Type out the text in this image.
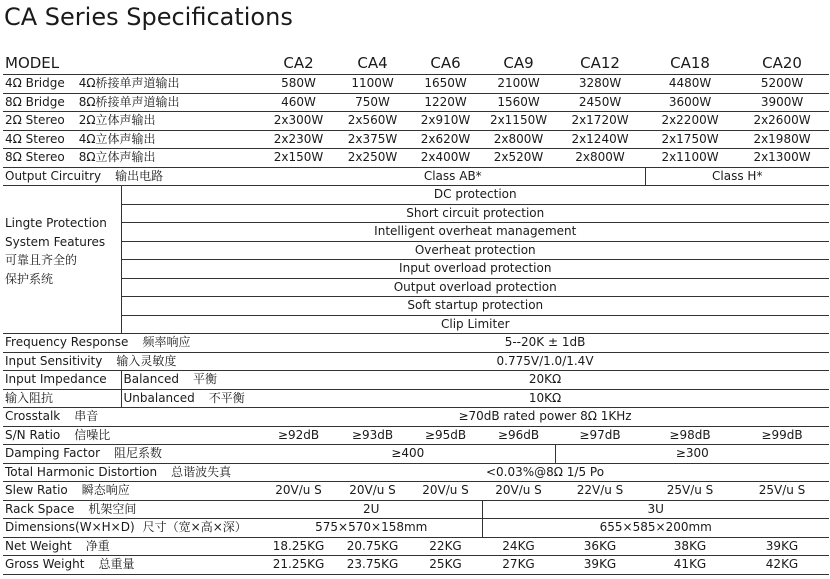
CA Series Specifications
MODEL		CA2	CA4	CA6	CA9	CA12	CA18	CA20
4Ω Bridge 4Ω桥接单声道输出		580W	1100W	1650W	2100W	3280W	4480W	5200W
8Ω Bridge 8Ω桥接单声道输出		460W	750W	1220W	1560W	2450W	3600W	3900W
2Ω Stereo 2Ω立体声输出		2x300W	2x560W	2x910W	2x1150W	2x1720W	2x2200W	2x2600W
4Ω Stereo 4Ω立体声输出		2x230W	2x375W	2x620W	2x800W	2x1240W	2x1750W	2x1980W
8Ω Stereo 8Ω立体声输出		2x150W	2x250W	2x400W	2x520W	2x800W	2x1100W	2x1300W
Output Circuitry 输出电路		Class AB*					Class H*	

Lingte Protection
System Features
可靠且齐全的
保护系统	DC protection							
	Short circuit protection							
	Intelligent overheat management							
	Overheat protection							
	Input overload protection							
	Output overload protection							
	Soft startup protection							
	Clip Limiter							
Frequency Response 频率响应		5--20K ± 1dB						
Input Sensitivity 输入灵敏度		0.775V/1.0/1.4V						
Input Impedance	Balanced 平衡	20KΩ						
输入阻抗	Unbalanced 不平衡	10KΩ						
Crosstalk 串音		≥70dB rated power 8Ω 1KHz						
S/N Ratio 信噪比		≥92dB	≥93dB	≥95dB	≥96dB	≥97dB	≥98dB	≥99dB
Damping Factor 阻尼系数		≥400				≥300		
Total Harmonic Distortion 总谐波失真		<0.03%@8Ω 1/5 Po						
Slew Ratio 瞬态响应		20V/u S	20V/u S	20V/u S	20V/u S	22V/u S	25V/u S	25V/u S
Rack Space 机架空间		2U			3U			
Dimensions(W×H×D) 尺寸（宽×高×深）		575×570×158mm			655×585×200mm			
Net Weight 净重		18.25KG	20.75KG	22KG	24KG	36KG	38KG	39KG
Gross Weight 总重量		21.25KG	23.75KG	25KG	27KG	39KG	41KG	42KG
